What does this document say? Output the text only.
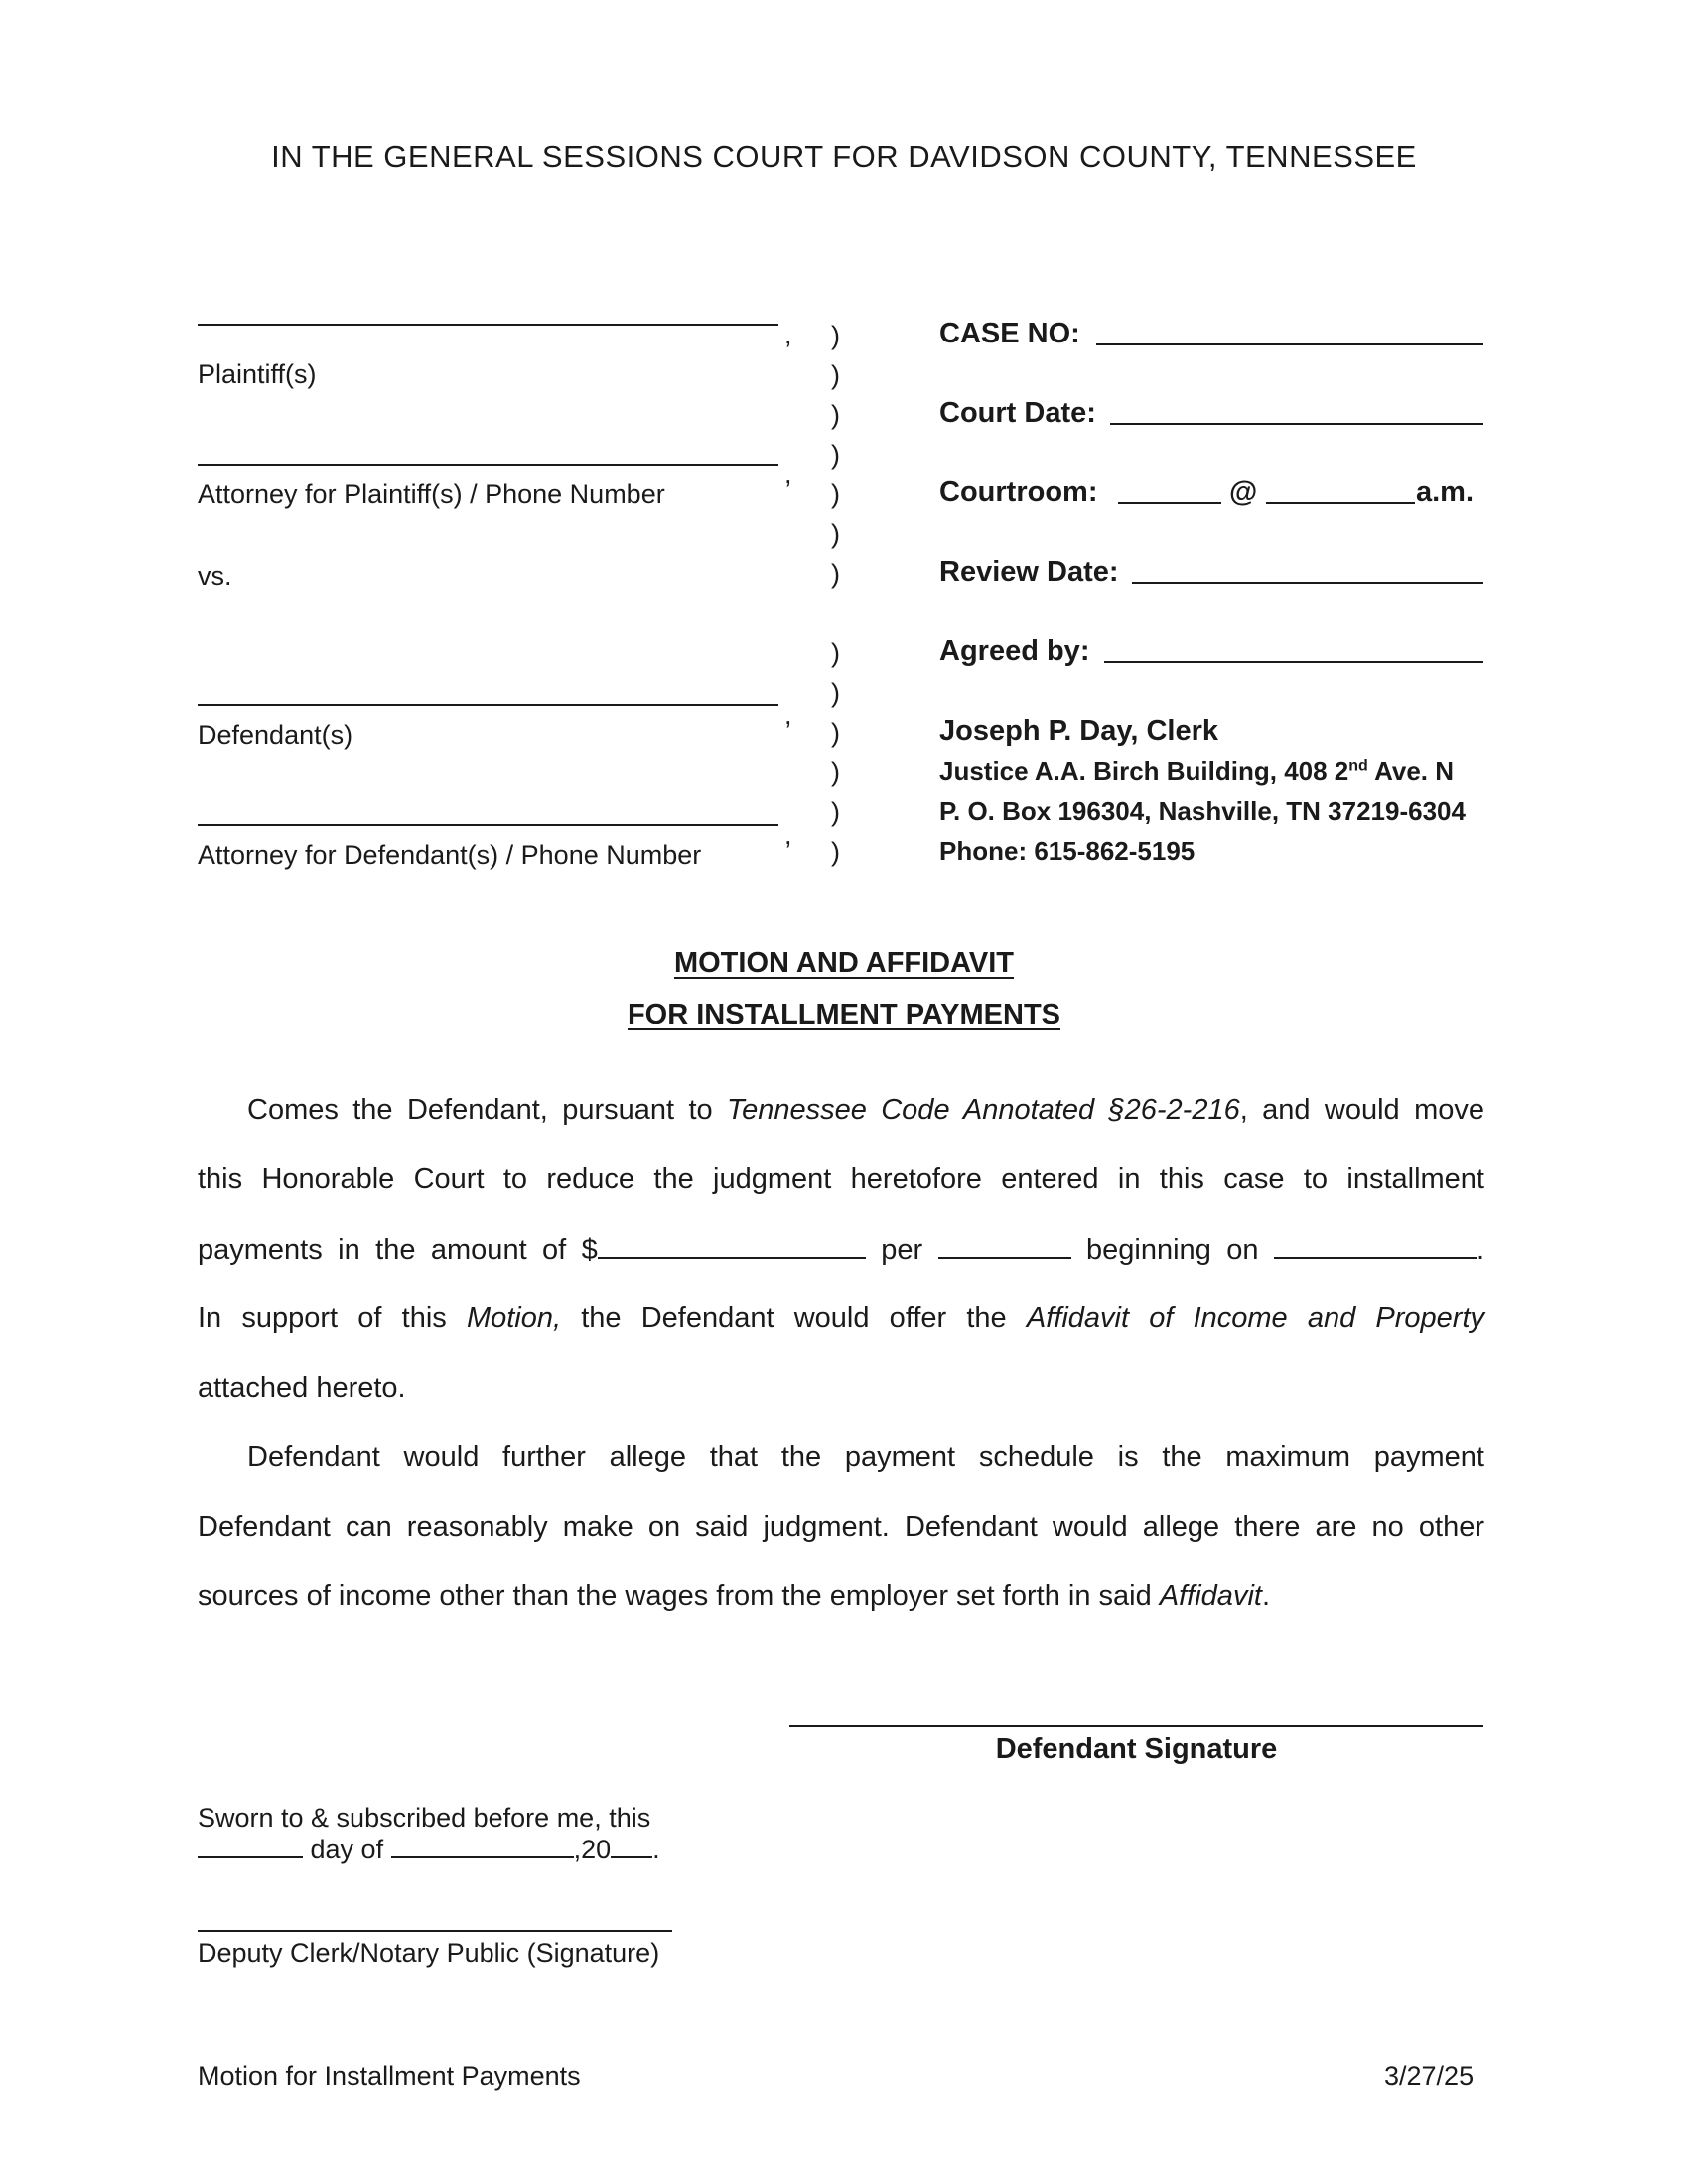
IN THE GENERAL SESSIONS COURT FOR DAVIDSON COUNTY, TENNESSEE
,
Plaintiff(s)
,
Attorney for Plaintiff(s) / Phone Number
vs.
,
Defendant(s)
,
Attorney for Defendant(s) / Phone Number
)
)
)
)
)
)
)
)
)
)
)
)
)
CASE NO:
Court Date:
Courtroom:	@	a.m.
Review Date:
Agreed by:
Joseph P. Day, Clerk
Justice A.A. Birch Building, 408 2nd Ave. N
P. O. Box 196304, Nashville, TN 37219-6304
Phone: 615-862-5195
MOTION AND AFFIDAVIT
FOR INSTALLMENT PAYMENTS
Comes the Defendant, pursuant to Tennessee Code Annotated §26-2-216, and would move
this Honorable Court to reduce the judgment heretofore entered in this case to installment
payments in the amount of $	per	beginning on	.
In support of this Motion, the Defendant would offer the Affidavit of Income and Property
attached hereto.
Defendant would further allege that the payment schedule is the maximum payment
Defendant can reasonably make on said judgment. Defendant would allege there are no other
sources of income other than the wages from the employer set forth in said Affidavit.
Defendant Signature
Sworn to & subscribed before me, this
day of	,20 .
Deputy Clerk/Notary Public (Signature)
Motion for Installment Payments	3/27/25
